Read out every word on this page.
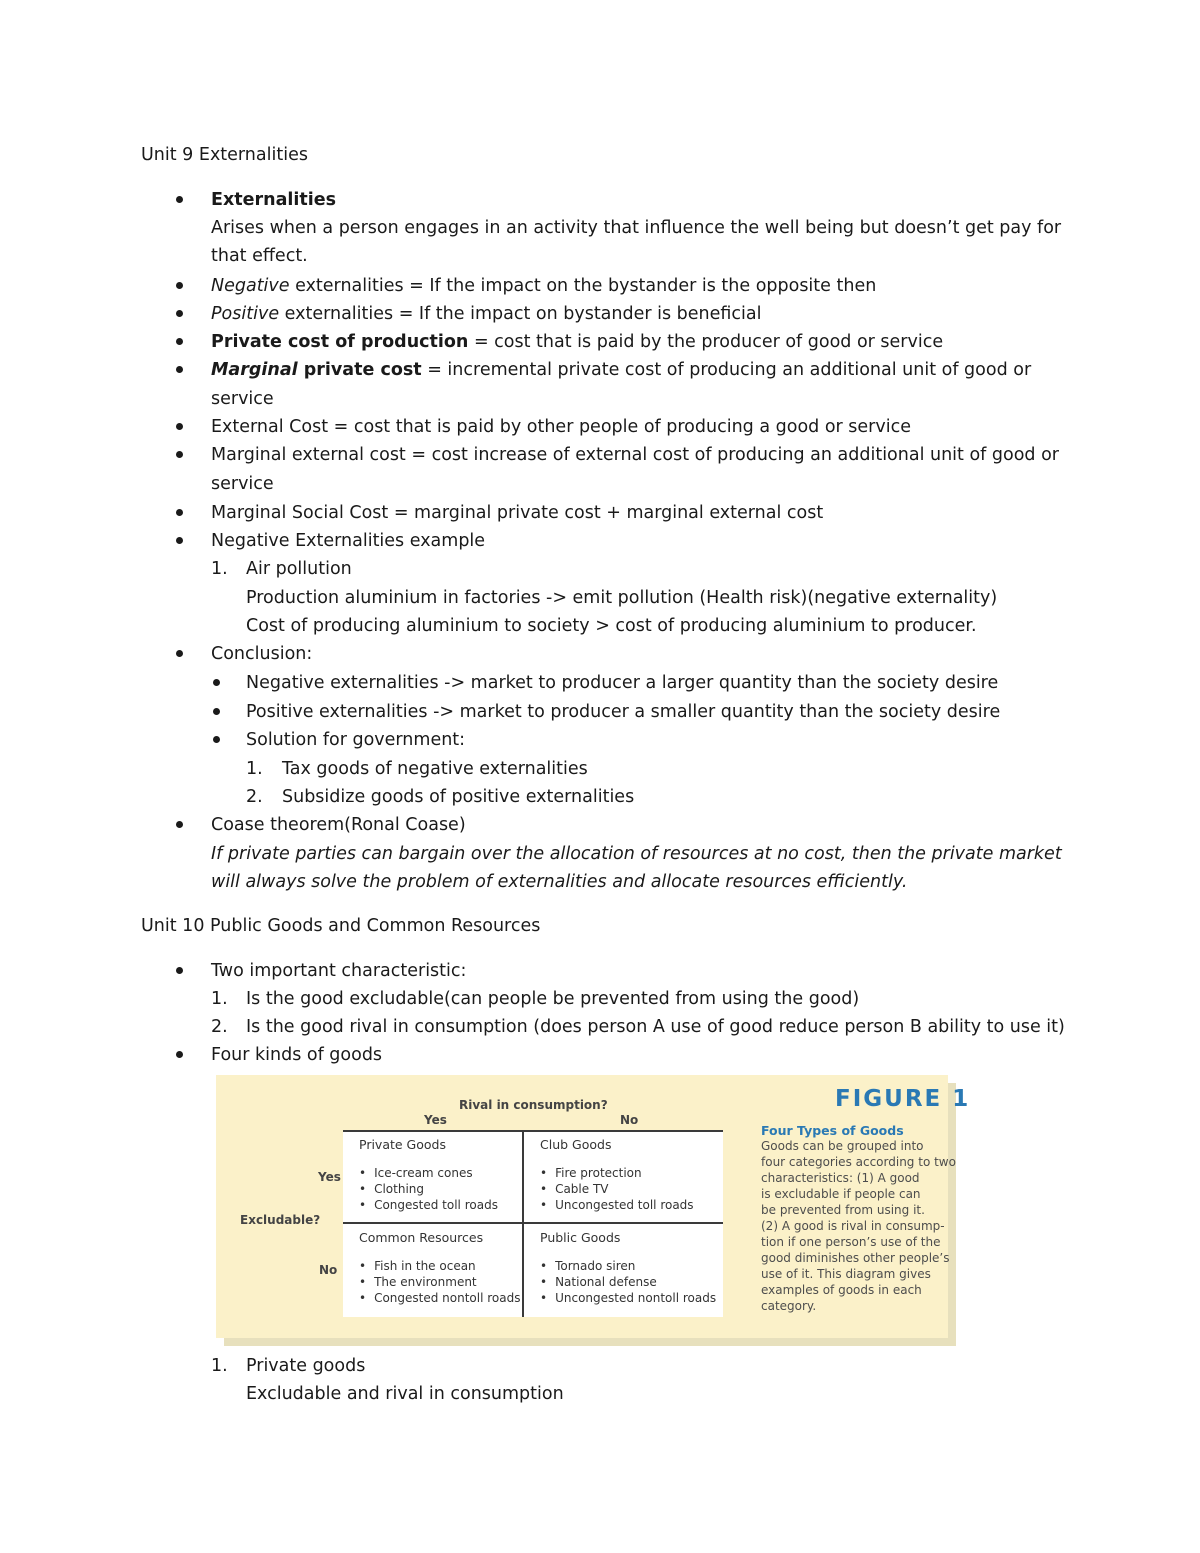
Unit 9 Externalities
Externalities
Arises when a person engages in an activity that influence the well being but doesn’t get pay for
that effect.
Negative externalities = If the impact on the bystander is the opposite then
Positive externalities = If the impact on bystander is beneficial
Private cost of production = cost that is paid by the producer of good or service
Marginal private cost = incremental private cost of producing an additional unit of good or
service
External Cost = cost that is paid by other people of producing a good or service
Marginal external cost = cost increase of external cost of producing an additional unit of good or
service
Marginal Social Cost = marginal private cost + marginal external cost
Negative Externalities example
1. Air pollution
Production aluminium in factories -> emit pollution (Health risk)(negative externality)
Cost of producing aluminium to society > cost of producing aluminium to producer.
Conclusion:
Negative externalities -> market to producer a larger quantity than the society desire
Positive externalities -> market to producer a smaller quantity than the society desire
Solution for government:
1. Tax goods of negative externalities
2. Subsidize goods of positive externalities
Coase theorem(Ronal Coase)
If private parties can bargain over the allocation of resources at no cost, then the private market
will always solve the problem of externalities and allocate resources efficiently.
Unit 10 Public Goods and Common Resources
Two important characteristic:
1. Is the good excludable(can people be prevented from using the good)
2. Is the good rival in consumption (does person A use of good reduce person B ability to use it)
Four kinds of goods
Rival in consumption?
Yes	No
Excludable?
Yes
No
Private Goods
• Ice-cream cones
• Clothing
• Congested toll roads
Club Goods
• Fire protection
• Cable TV
• Uncongested toll roads
Common Resources
• Fish in the ocean
• The environment
• Congested nontoll roads
Public Goods
• Tornado siren
• National defense
• Uncongested nontoll roads
FIGURE 1
Four Types of Goods
Goods can be grouped into
four categories according to two
characteristics: (1) A good
is excludable if people can
be prevented from using it.
(2) A good is rival in consump-
tion if one person’s use of the
good diminishes other people’s
use of it. This diagram gives
examples of goods in each
category.
1. Private goods
Excludable and rival in consumption
